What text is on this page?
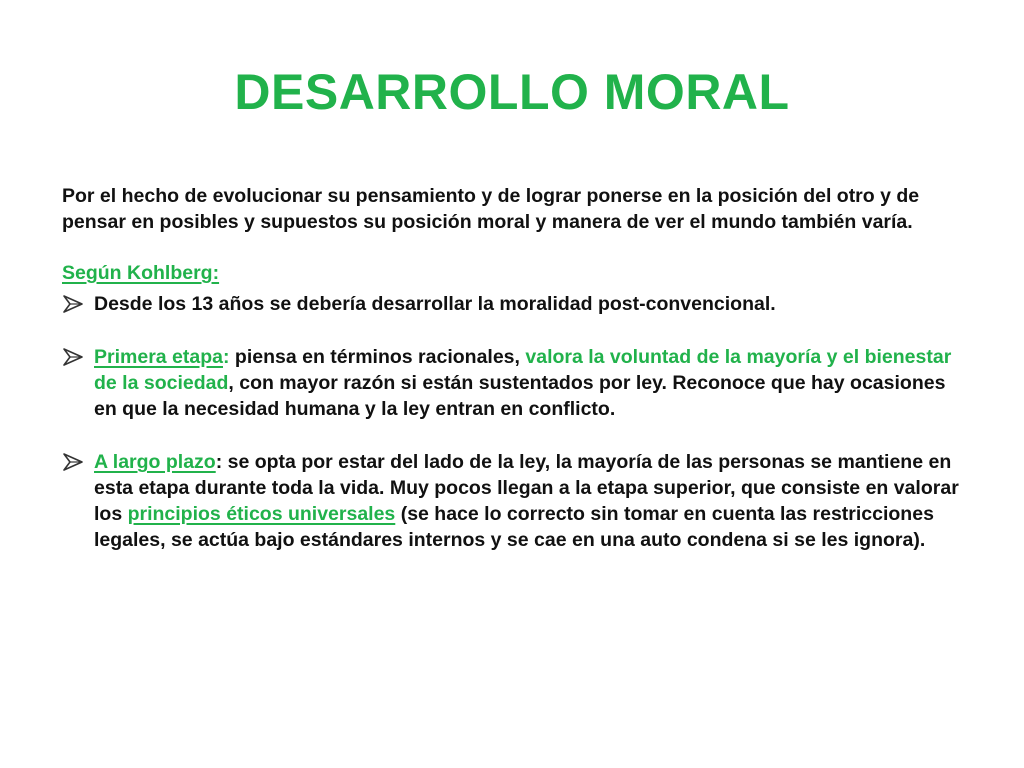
DESARROLLO MORAL

Por el hecho de evolucionar su pensamiento y de lograr ponerse en la posición del otro y de pensar en posibles y supuestos su posición moral y manera de ver el mundo también varía.

Según Kohlberg:

Desde los 13 años se debería desarrollar la moralidad post-convencional.
Primera etapa: piensa en términos racionales, valora la voluntad de la mayoría y el bienestar de la sociedad, con mayor razón si están sustentados por ley. Reconoce que hay ocasiones en que la necesidad humana y la ley entran en conflicto.
A largo plazo: se opta por estar del lado de la ley, la mayoría de las personas se mantiene en esta etapa durante toda la vida. Muy pocos llegan a la etapa superior, que consiste en valorar los principios éticos universales (se hace lo correcto sin tomar en cuenta las restricciones legales, se actúa bajo estándares internos y se cae en una auto condena si se les ignora).
